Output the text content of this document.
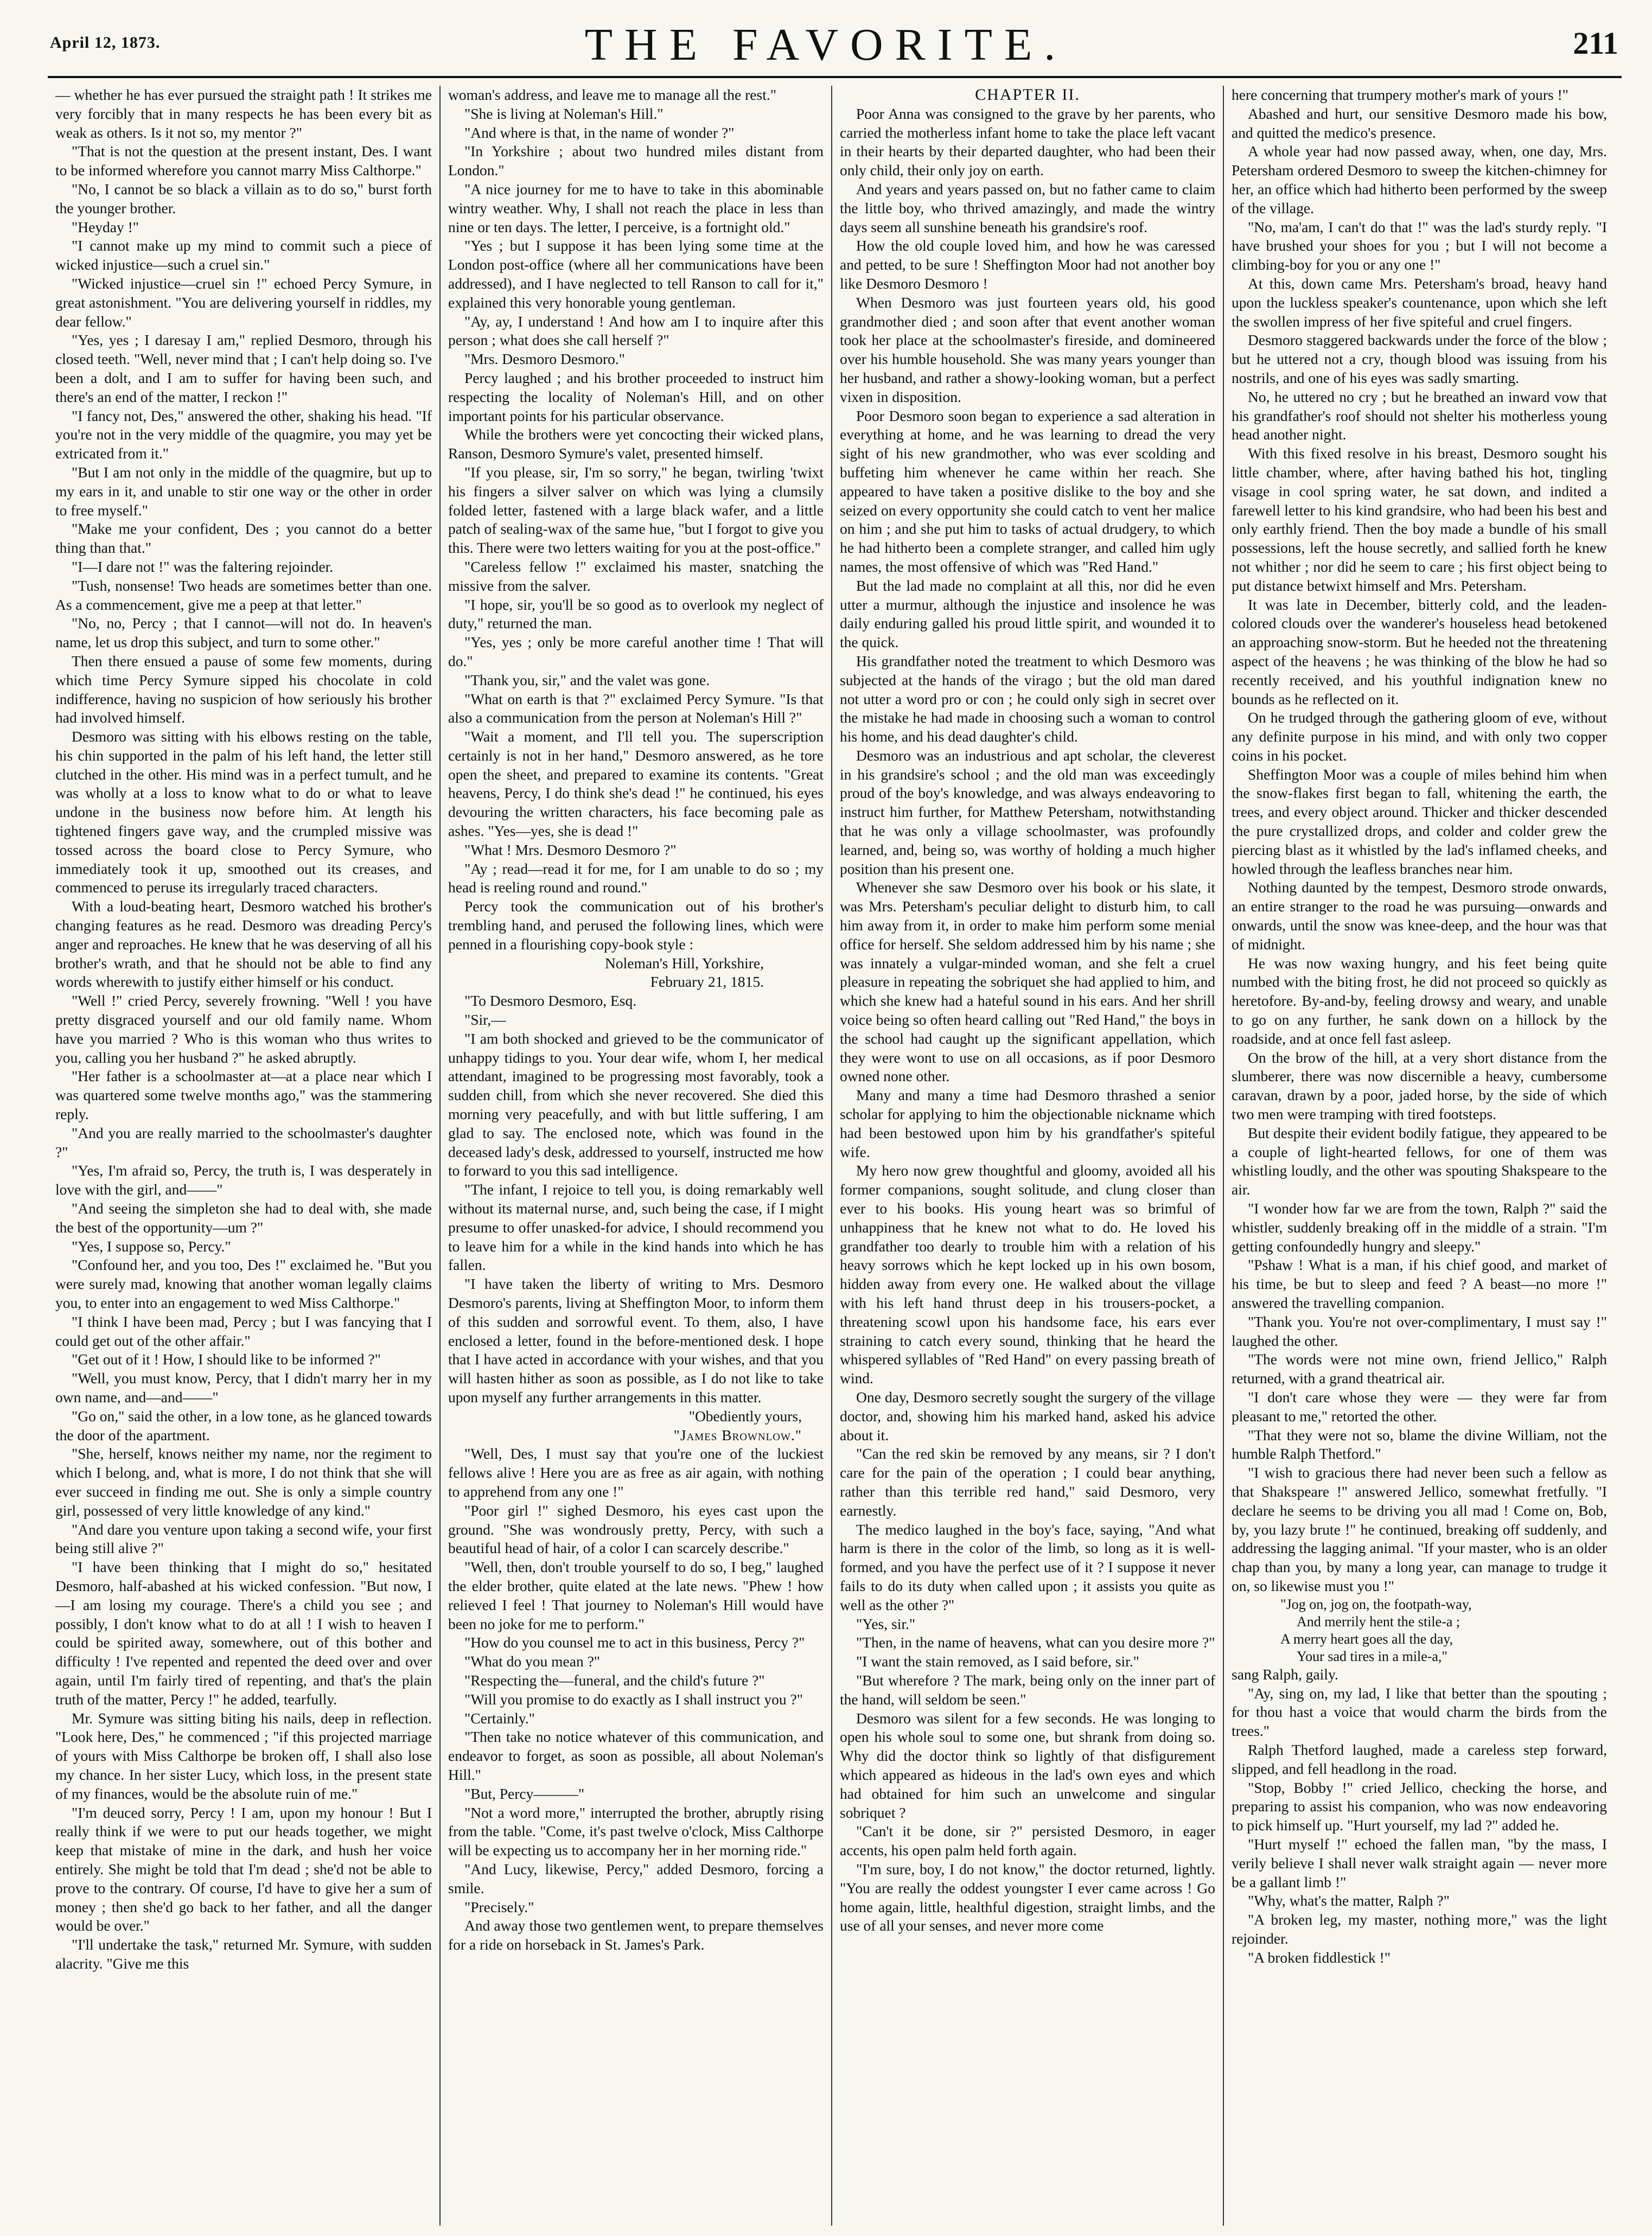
April 12, 1873.	THE FAVORITE.	211

— whether he has ever pursued the straight path ! It strikes me very forcibly that in many respects he has been every bit as weak as others. Is it not so, my mentor ?"

"That is not the question at the present instant, Des. I want to be informed wherefore you cannot marry Miss Calthorpe."

"No, I cannot be so black a villain as to do so," burst forth the younger brother.

"Heyday !"

"I cannot make up my mind to commit such a piece of wicked injustice—such a cruel sin."

"Wicked injustice—cruel sin !" echoed Percy Symure, in great astonishment. "You are delivering yourself in riddles, my dear fellow."

"Yes, yes ; I daresay I am," replied Desmoro, through his closed teeth. "Well, never mind that ; I can't help doing so. I've been a dolt, and I am to suffer for having been such, and there's an end of the matter, I reckon !"

"I fancy not, Des," answered the other, shaking his head. "If you're not in the very middle of the quagmire, you may yet be extricated from it."

"But I am not only in the middle of the quagmire, but up to my ears in it, and unable to stir one way or the other in order to free myself."

"Make me your confident, Des ; you cannot do a better thing than that."

"I—I dare not !" was the faltering rejoinder.

"Tush, nonsense! Two heads are sometimes better than one. As a commencement, give me a peep at that letter."

"No, no, Percy ; that I cannot—will not do. In heaven's name, let us drop this subject, and turn to some other."

Then there ensued a pause of some few moments, during which time Percy Symure sipped his chocolate in cold indifference, having no suspicion of how seriously his brother had involved himself.

Desmoro was sitting with his elbows resting on the table, his chin supported in the palm of his left hand, the letter still clutched in the other. His mind was in a perfect tumult, and he was wholly at a loss to know what to do or what to leave undone in the business now before him. At length his tightened fingers gave way, and the crumpled missive was tossed across the board close to Percy Symure, who immediately took it up, smoothed out its creases, and commenced to peruse its irregularly traced characters.

With a loud-beating heart, Desmoro watched his brother's changing features as he read. Desmoro was dreading Percy's anger and reproaches. He knew that he was deserving of all his brother's wrath, and that he should not be able to find any words wherewith to justify either himself or his conduct.

"Well !" cried Percy, severely frowning. "Well ! you have pretty disgraced yourself and our old family name. Whom have you married ? Who is this woman who thus writes to you, calling you her husband ?" he asked abruptly.

"Her father is a schoolmaster at—at a place near which I was quartered some twelve months ago," was the stammering reply.

"And you are really married to the schoolmaster's daughter ?"

"Yes, I'm afraid so, Percy, the truth is, I was desperately in love with the girl, and——"

"And seeing the simpleton she had to deal with, she made the best of the opportunity—um ?"

"Yes, I suppose so, Percy."

"Confound her, and you too, Des !" exclaimed he. "But you were surely mad, knowing that another woman legally claims you, to enter into an engagement to wed Miss Calthorpe."

"I think I have been mad, Percy ; but I was fancying that I could get out of the other affair."

"Get out of it ! How, I should like to be informed ?"

"Well, you must know, Percy, that I didn't marry her in my own name, and—and——"

"Go on," said the other, in a low tone, as he glanced towards the door of the apartment.

"She, herself, knows neither my name, nor the regiment to which I belong, and, what is more, I do not think that she will ever succeed in finding me out. She is only a simple country girl, possessed of very little knowledge of any kind."

"And dare you venture upon taking a second wife, your first being still alive ?"

"I have been thinking that I might do so," hesitated Desmoro, half-abashed at his wicked confession. "But now, I—I am losing my courage. There's a child you see ; and possibly, I don't know what to do at all ! I wish to heaven I could be spirited away, somewhere, out of this bother and difficulty ! I've repented and repented the deed over and over again, until I'm fairly tired of repenting, and that's the plain truth of the matter, Percy !" he added, tearfully.

Mr. Symure was sitting biting his nails, deep in reflection. "Look here, Des," he commenced ; "if this projected marriage of yours with Miss Calthorpe be broken off, I shall also lose my chance. In her sister Lucy, which loss, in the present state of my finances, would be the absolute ruin of me."

"I'm deuced sorry, Percy ! I am, upon my honour ! But I really think if we were to put our heads together, we might keep that mistake of mine in the dark, and hush her voice entirely. She might be told that I'm dead ; she'd not be able to prove to the contrary. Of course, I'd have to give her a sum of money ; then she'd go back to her father, and all the danger would be over."

"I'll undertake the task," returned Mr. Symure, with sudden alacrity. "Give me this

woman's address, and leave me to manage all the rest."

"She is living at Noleman's Hill."

"And where is that, in the name of wonder ?"

"In Yorkshire ; about two hundred miles distant from London."

"A nice journey for me to have to take in this abominable wintry weather. Why, I shall not reach the place in less than nine or ten days. The letter, I perceive, is a fortnight old."

"Yes ; but I suppose it has been lying some time at the London post-office (where all her communications have been addressed), and I have neglected to tell Ranson to call for it," explained this very honorable young gentleman.

"Ay, ay, I understand ! And how am I to inquire after this person ; what does she call herself ?"

"Mrs. Desmoro Desmoro."

Percy laughed ; and his brother proceeded to instruct him respecting the locality of Noleman's Hill, and on other important points for his particular observance.

While the brothers were yet concocting their wicked plans, Ranson, Desmoro Symure's valet, presented himself.

"If you please, sir, I'm so sorry," he began, twirling 'twixt his fingers a silver salver on which was lying a clumsily folded letter, fastened with a large black wafer, and a little patch of sealing-wax of the same hue, "but I forgot to give you this. There were two letters waiting for you at the post-office."

"Careless fellow !" exclaimed his master, snatching the missive from the salver.

"I hope, sir, you'll be so good as to overlook my neglect of duty," returned the man.

"Yes, yes ; only be more careful another time ! That will do."

"Thank you, sir," and the valet was gone.

"What on earth is that ?" exclaimed Percy Symure. "Is that also a communication from the person at Noleman's Hill ?"

"Wait a moment, and I'll tell you. The superscription certainly is not in her hand," Desmoro answered, as he tore open the sheet, and prepared to examine its contents. "Great heavens, Percy, I do think she's dead !" he continued, his eyes devouring the written characters, his face becoming pale as ashes. "Yes—yes, she is dead !"

"What ! Mrs. Desmoro Desmoro ?"

"Ay ; read—read it for me, for I am unable to do so ; my head is reeling round and round."

Percy took the communication out of his brother's trembling hand, and perused the following lines, which were penned in a flourishing copy-book style :

Noleman's Hill, Yorkshire,

February 21, 1815.

"To Desmoro Desmoro, Esq.

"Sir,—

"I am both shocked and grieved to be the communicator of unhappy tidings to you. Your dear wife, whom I, her medical attendant, imagined to be progressing most favorably, took a sudden chill, from which she never recovered. She died this morning very peacefully, and with but little suffering, I am glad to say. The enclosed note, which was found in the deceased lady's desk, addressed to yourself, instructed me how to forward to you this sad intelligence.

"The infant, I rejoice to tell you, is doing remarkably well without its maternal nurse, and, such being the case, if I might presume to offer unasked-for advice, I should recommend you to leave him for a while in the kind hands into which he has fallen.

"I have taken the liberty of writing to Mrs. Desmoro Desmoro's parents, living at Sheffington Moor, to inform them of this sudden and sorrowful event. To them, also, I have enclosed a letter, found in the before-mentioned desk. I hope that I have acted in accordance with your wishes, and that you will hasten hither as soon as possible, as I do not like to take upon myself any further arrangements in this matter.

"Obediently yours,

"James Brownlow."

"Well, Des, I must say that you're one of the luckiest fellows alive ! Here you are as free as air again, with nothing to apprehend from any one !"

"Poor girl !" sighed Desmoro, his eyes cast upon the ground. "She was wondrously pretty, Percy, with such a beautiful head of hair, of a color I can scarcely describe."

"Well, then, don't trouble yourself to do so, I beg," laughed the elder brother, quite elated at the late news. "Phew ! how relieved I feel ! That journey to Noleman's Hill would have been no joke for me to perform."

"How do you counsel me to act in this business, Percy ?"

"What do you mean ?"

"Respecting the—funeral, and the child's future ?"

"Will you promise to do exactly as I shall instruct you ?"

"Certainly."

"Then take no notice whatever of this communication, and endeavor to forget, as soon as possible, all about Noleman's Hill."

"But, Percy———"

"Not a word more," interrupted the brother, abruptly rising from the table. "Come, it's past twelve o'clock, Miss Calthorpe will be expecting us to accompany her in her morning ride."

"And Lucy, likewise, Percy," added Desmoro, forcing a smile.

"Precisely."

And away those two gentlemen went, to prepare themselves for a ride on horseback in St. James's Park.

CHAPTER II.

Poor Anna was consigned to the grave by her parents, who carried the motherless infant home to take the place left vacant in their hearts by their departed daughter, who had been their only child, their only joy on earth.

And years and years passed on, but no father came to claim the little boy, who thrived amazingly, and made the wintry days seem all sunshine beneath his grandsire's roof.

How the old couple loved him, and how he was caressed and petted, to be sure ! Sheffington Moor had not another boy like Desmoro Desmoro !

When Desmoro was just fourteen years old, his good grandmother died ; and soon after that event another woman took her place at the schoolmaster's fireside, and domineered over his humble household. She was many years younger than her husband, and rather a showy-looking woman, but a perfect vixen in disposition.

Poor Desmoro soon began to experience a sad alteration in everything at home, and he was learning to dread the very sight of his new grandmother, who was ever scolding and buffeting him whenever he came within her reach. She appeared to have taken a positive dislike to the boy and she seized on every opportunity she could catch to vent her malice on him ; and she put him to tasks of actual drudgery, to which he had hitherto been a complete stranger, and called him ugly names, the most offensive of which was "Red Hand."

But the lad made no complaint at all this, nor did he even utter a murmur, although the injustice and insolence he was daily enduring galled his proud little spirit, and wounded it to the quick.

His grandfather noted the treatment to which Desmoro was subjected at the hands of the virago ; but the old man dared not utter a word pro or con ; he could only sigh in secret over the mistake he had made in choosing such a woman to control his home, and his dead daughter's child.

Desmoro was an industrious and apt scholar, the cleverest in his grandsire's school ; and the old man was exceedingly proud of the boy's knowledge, and was always endeavoring to instruct him further, for Matthew Petersham, notwithstanding that he was only a village schoolmaster, was profoundly learned, and, being so, was worthy of holding a much higher position than his present one.

Whenever she saw Desmoro over his book or his slate, it was Mrs. Petersham's peculiar delight to disturb him, to call him away from it, in order to make him perform some menial office for herself. She seldom addressed him by his name ; she was innately a vulgar-minded woman, and she felt a cruel pleasure in repeating the sobriquet she had applied to him, and which she knew had a hateful sound in his ears. And her shrill voice being so often heard calling out "Red Hand," the boys in the school had caught up the significant appellation, which they were wont to use on all occasions, as if poor Desmoro owned none other.

Many and many a time had Desmoro thrashed a senior scholar for applying to him the objectionable nickname which had been bestowed upon him by his grandfather's spiteful wife.

My hero now grew thoughtful and gloomy, avoided all his former companions, sought solitude, and clung closer than ever to his books. His young heart was so brimful of unhappiness that he knew not what to do. He loved his grandfather too dearly to trouble him with a relation of his heavy sorrows which he kept locked up in his own bosom, hidden away from every one. He walked about the village with his left hand thrust deep in his trousers-pocket, a threatening scowl upon his handsome face, his ears ever straining to catch every sound, thinking that he heard the whispered syllables of "Red Hand" on every passing breath of wind.

One day, Desmoro secretly sought the surgery of the village doctor, and, showing him his marked hand, asked his advice about it.

"Can the red skin be removed by any means, sir ? I don't care for the pain of the operation ; I could bear anything, rather than this terrible red hand," said Desmoro, very earnestly.

The medico laughed in the boy's face, saying, "And what harm is there in the color of the limb, so long as it is well-formed, and you have the perfect use of it ? I suppose it never fails to do its duty when called upon ; it assists you quite as well as the other ?"

"Yes, sir."

"Then, in the name of heavens, what can you desire more ?"

"I want the stain removed, as I said before, sir."

"But wherefore ? The mark, being only on the inner part of the hand, will seldom be seen."

Desmoro was silent for a few seconds. He was longing to open his whole soul to some one, but shrank from doing so. Why did the doctor think so lightly of that disfigurement which appeared as hideous in the lad's own eyes and which had obtained for him such an unwelcome and singular sobriquet ?

"Can't it be done, sir ?" persisted Desmoro, in eager accents, his open palm held forth again.

"I'm sure, boy, I do not know," the doctor returned, lightly. "You are really the oddest youngster I ever came across ! Go home again, little, healthful digestion, straight limbs, and the use of all your senses, and never more come

here concerning that trumpery mother's mark of yours !"

Abashed and hurt, our sensitive Desmoro made his bow, and quitted the medico's presence.

A whole year had now passed away, when, one day, Mrs. Petersham ordered Desmoro to sweep the kitchen-chimney for her, an office which had hitherto been performed by the sweep of the village.

"No, ma'am, I can't do that !" was the lad's sturdy reply. "I have brushed your shoes for you ; but I will not become a climbing-boy for you or any one !"

At this, down came Mrs. Petersham's broad, heavy hand upon the luckless speaker's countenance, upon which she left the swollen impress of her five spiteful and cruel fingers.

Desmoro staggered backwards under the force of the blow ; but he uttered not a cry, though blood was issuing from his nostrils, and one of his eyes was sadly smarting.

No, he uttered no cry ; but he breathed an inward vow that his grandfather's roof should not shelter his motherless young head another night.

With this fixed resolve in his breast, Desmoro sought his little chamber, where, after having bathed his hot, tingling visage in cool spring water, he sat down, and indited a farewell letter to his kind grandsire, who had been his best and only earthly friend. Then the boy made a bundle of his small possessions, left the house secretly, and sallied forth he knew not whither ; nor did he seem to care ; his first object being to put distance betwixt himself and Mrs. Petersham.

It was late in December, bitterly cold, and the leaden-colored clouds over the wanderer's houseless head betokened an approaching snow-storm. But he heeded not the threatening aspect of the heavens ; he was thinking of the blow he had so recently received, and his youthful indignation knew no bounds as he reflected on it.

On he trudged through the gathering gloom of eve, without any definite purpose in his mind, and with only two copper coins in his pocket.

Sheffington Moor was a couple of miles behind him when the snow-flakes first began to fall, whitening the earth, the trees, and every object around. Thicker and thicker descended the pure crystallized drops, and colder and colder grew the piercing blast as it whistled by the lad's inflamed cheeks, and howled through the leafless branches near him.

Nothing daunted by the tempest, Desmoro strode onwards, an entire stranger to the road he was pursuing—onwards and onwards, until the snow was knee-deep, and the hour was that of midnight.

He was now waxing hungry, and his feet being quite numbed with the biting frost, he did not proceed so quickly as heretofore. By-and-by, feeling drowsy and weary, and unable to go on any further, he sank down on a hillock by the roadside, and at once fell fast asleep.

On the brow of the hill, at a very short distance from the slumberer, there was now discernible a heavy, cumbersome caravan, drawn by a poor, jaded horse, by the side of which two men were tramping with tired footsteps.

But despite their evident bodily fatigue, they appeared to be a couple of light-hearted fellows, for one of them was whistling loudly, and the other was spouting Shakspeare to the air.

"I wonder how far we are from the town, Ralph ?" said the whistler, suddenly breaking off in the middle of a strain. "I'm getting confoundedly hungry and sleepy."

"Pshaw ! What is a man, if his chief good, and market of his time, be but to sleep and feed ? A beast—no more !" answered the travelling companion.

"Thank you. You're not over-complimentary, I must say !" laughed the other.

"The words were not mine own, friend Jellico," Ralph returned, with a grand theatrical air.

"I don't care whose they were — they were far from pleasant to me," retorted the other.

"That they were not so, blame the divine William, not the humble Ralph Thetford."

"I wish to gracious there had never been such a fellow as that Shakspeare !" answered Jellico, somewhat fretfully. "I declare he seems to be driving you all mad ! Come on, Bob, by, you lazy brute !" he continued, breaking off suddenly, and addressing the lagging animal. "If your master, who is an older chap than you, by many a long year, can manage to trudge it on, so likewise must you !"

"Jog on, jog on, the footpath-way,

And merrily hent the stile-a ;

A merry heart goes all the day,

Your sad tires in a mile-a,"

sang Ralph, gaily.

"Ay, sing on, my lad, I like that better than the spouting ; for thou hast a voice that would charm the birds from the trees."

Ralph Thetford laughed, made a careless step forward, slipped, and fell headlong in the road.

"Stop, Bobby !" cried Jellico, checking the horse, and preparing to assist his companion, who was now endeavoring to pick himself up. "Hurt yourself, my lad ?" added he.

"Hurt myself !" echoed the fallen man, "by the mass, I verily believe I shall never walk straight again — never more be a gallant limb !"

"Why, what's the matter, Ralph ?"

"A broken leg, my master, nothing more," was the light rejoinder.

"A broken fiddlestick !"
